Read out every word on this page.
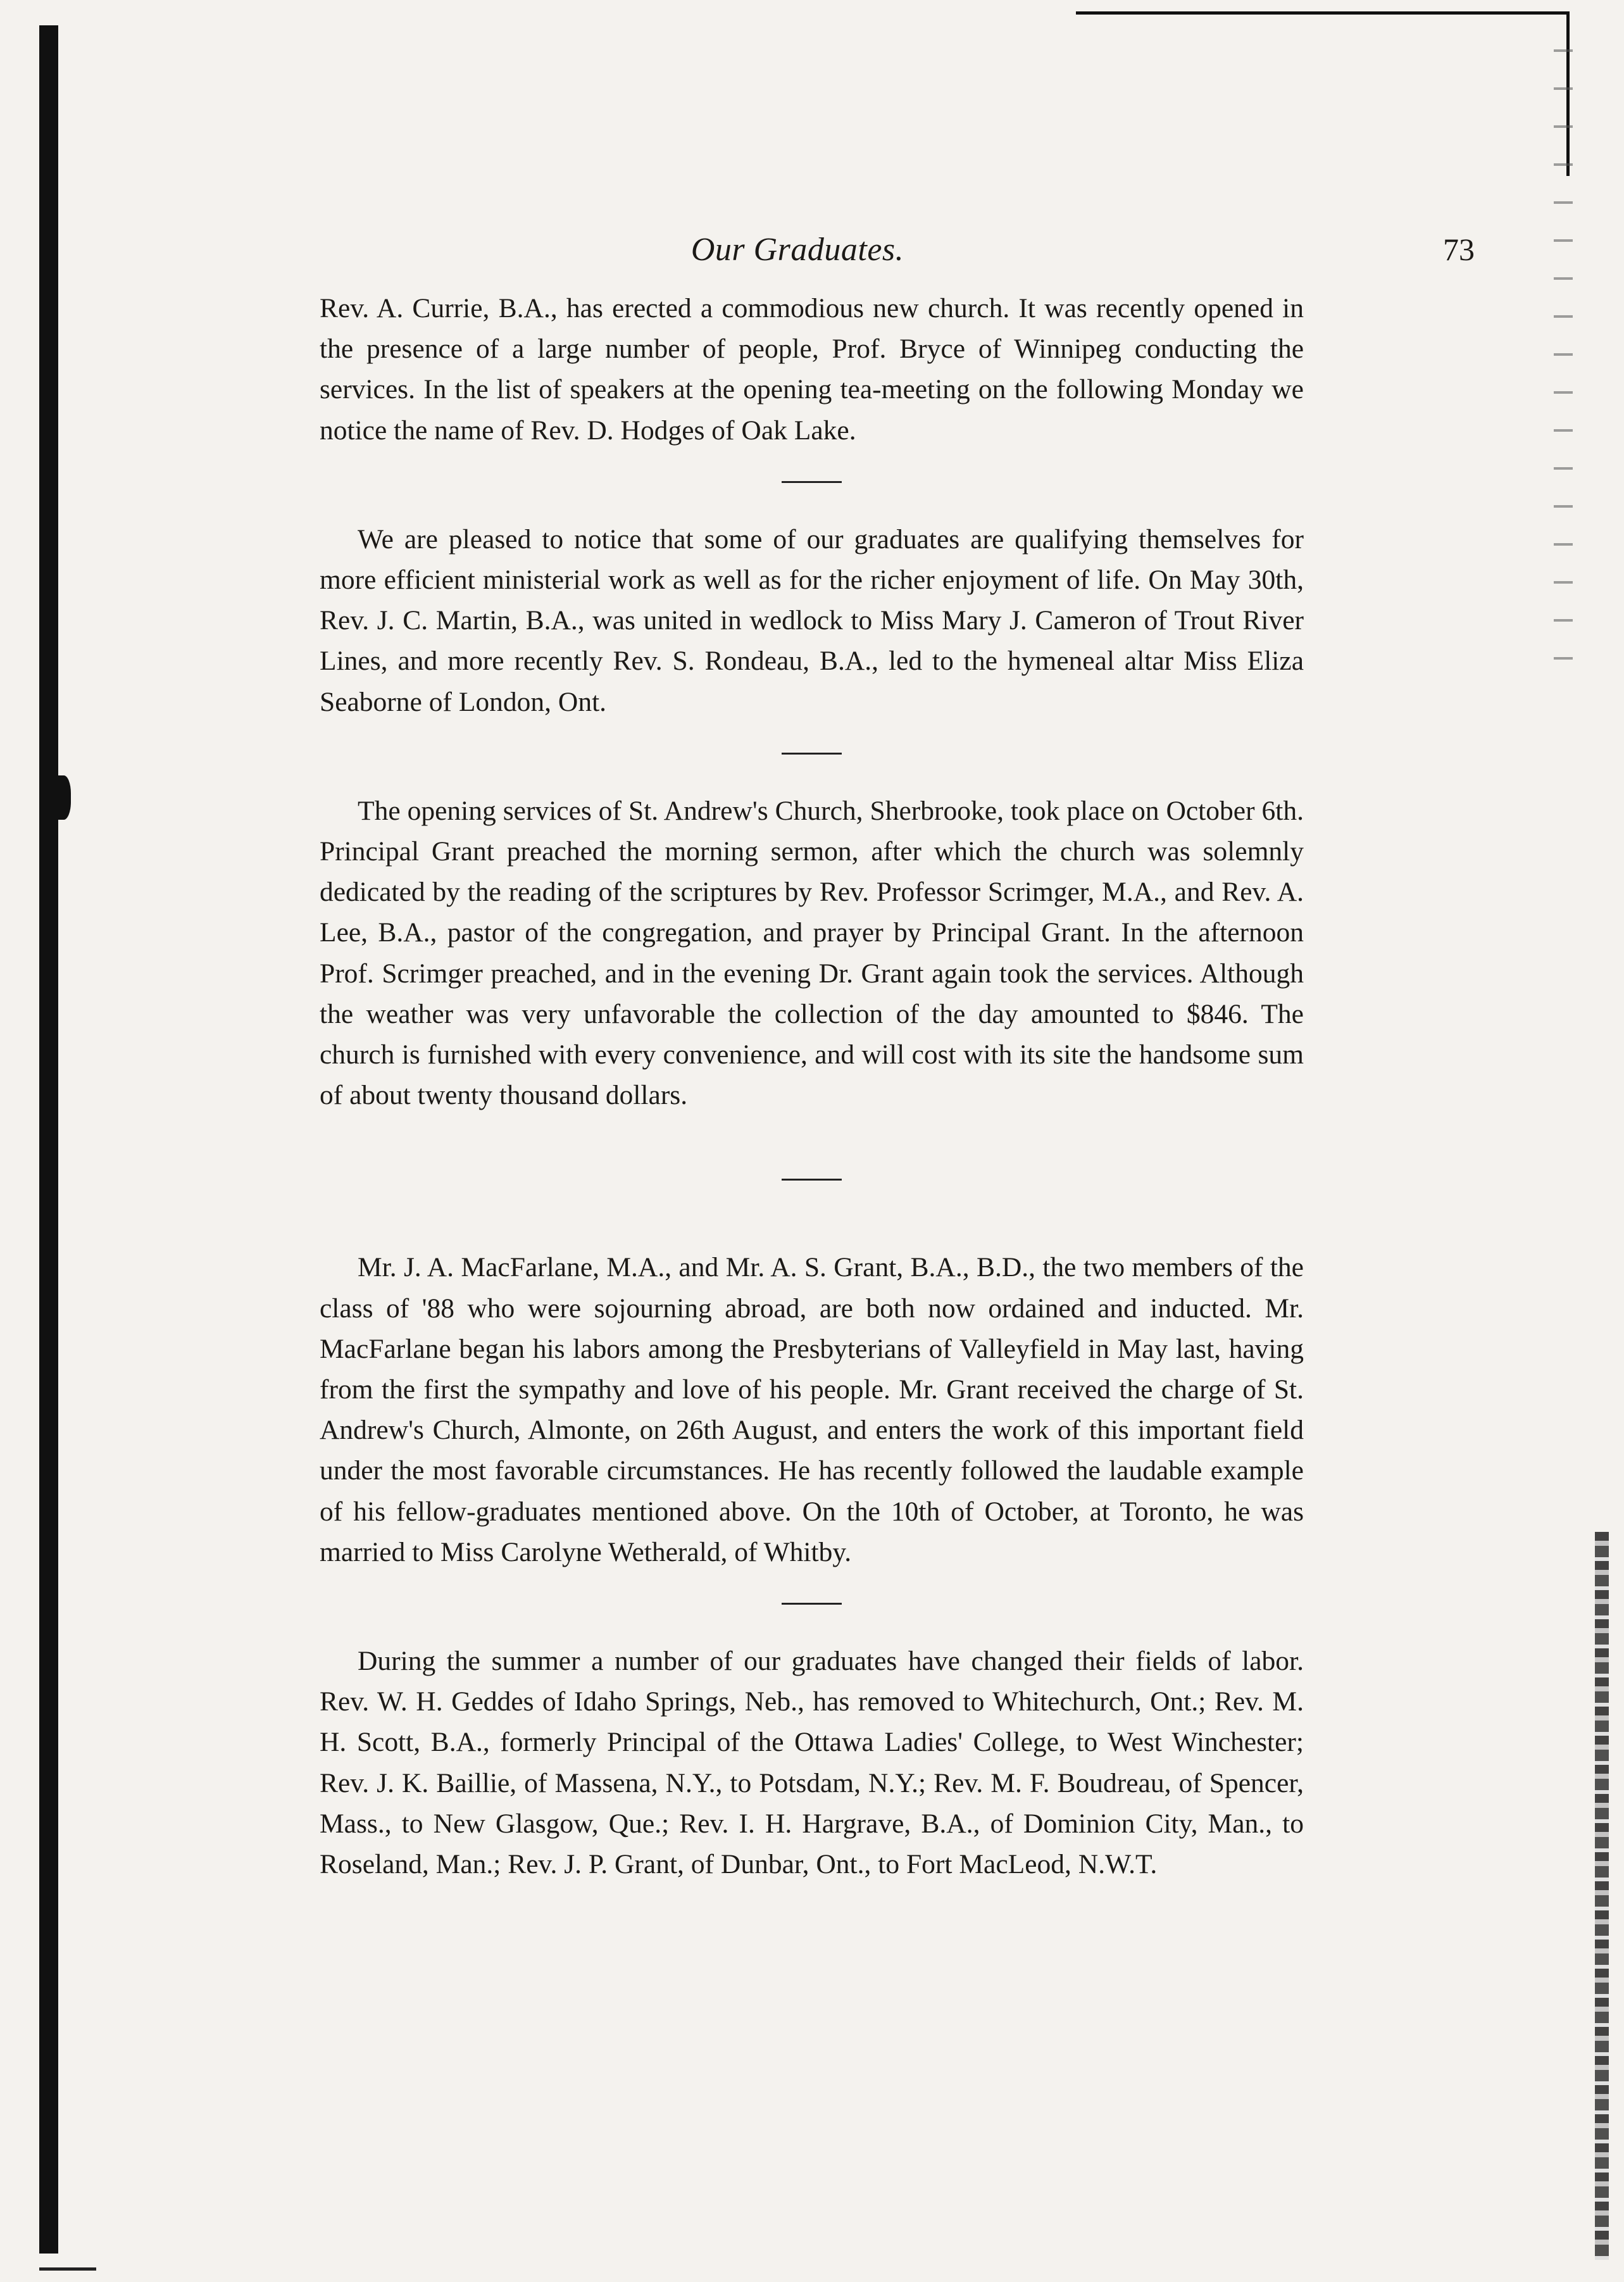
Our Graduates.	73

Rev. A. Currie, B.A., has erected a commodious new church. It was recently opened in the presence of a large number of people, Prof. Bryce of Winnipeg conducting the services. In the list of speakers at the opening tea-meeting on the following Monday we notice the name of Rev. D. Hodges of Oak Lake.

We are pleased to notice that some of our graduates are qualifying themselves for more efficient ministerial work as well as for the richer enjoyment of life. On May 30th, Rev. J. C. Martin, B.A., was united in wedlock to Miss Mary J. Cameron of Trout River Lines, and more recently Rev. S. Rondeau, B.A., led to the hymeneal altar Miss Eliza Seaborne of London, Ont.

The opening services of St. Andrew's Church, Sherbrooke, took place on October 6th. Principal Grant preached the morning sermon, after which the church was solemnly dedicated by the reading of the scriptures by Rev. Professor Scrimger, M.A., and Rev. A. Lee, B.A., pastor of the congregation, and prayer by Principal Grant. In the afternoon Prof. Scrimger preached, and in the evening Dr. Grant again took the services. Although the weather was very unfavorable the collection of the day amounted to $846. The church is furnished with every convenience, and will cost with its site the handsome sum of about twenty thousand dollars.

Mr. J. A. MacFarlane, M.A., and Mr. A. S. Grant, B.A., B.D., the two members of the class of '88 who were sojourning abroad, are both now ordained and inducted. Mr. MacFarlane began his labors among the Presbyterians of Valleyfield in May last, having from the first the sympathy and love of his people. Mr. Grant received the charge of St. Andrew's Church, Almonte, on 26th August, and enters the work of this important field under the most favorable circumstances. He has recently followed the laudable example of his fellow-graduates mentioned above. On the 10th of October, at Toronto, he was married to Miss Carolyne Wetherald, of Whitby.

During the summer a number of our graduates have changed their fields of labor. Rev. W. H. Geddes of Idaho Springs, Neb., has removed to Whitechurch, Ont.; Rev. M. H. Scott, B.A., formerly Principal of the Ottawa Ladies' College, to West Winchester; Rev. J. K. Baillie, of Massena, N.Y., to Potsdam, N.Y.; Rev. M. F. Boudreau, of Spencer, Mass., to New Glasgow, Que.; Rev. I. H. Hargrave, B.A., of Dominion City, Man., to Roseland, Man.; Rev. J. P. Grant, of Dunbar, Ont., to Fort MacLeod, N.W.T.
